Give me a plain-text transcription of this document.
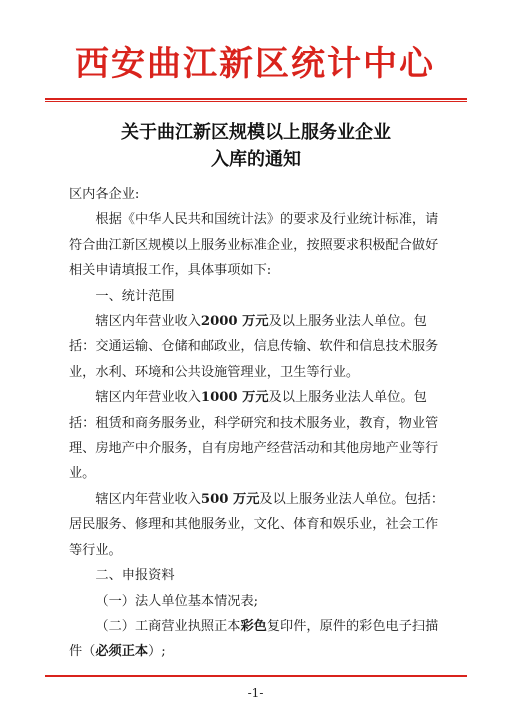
西安曲江新区统计中心
关于曲江新区规模以上服务业企业
入库的通知

区内各企业:

根据《中华人民共和国统计法》的要求及行业统计标准，请符合曲江新区规模以上服务业标准企业，按照要求积极配合做好相关申请填报工作，具体事项如下:

一、统计范围

辖区内年营业收入2000 万元及以上服务业法人单位。包括：交通运输、仓储和邮政业，信息传输、软件和信息技术服务业，水利、环境和公共设施管理业，卫生等行业。

辖区内年营业收入1000 万元及以上服务业法人单位。包括：租赁和商务服务业，科学研究和技术服务业，教育，物业管理、房地产中介服务，自有房地产经营活动和其他房地产业等行业。

辖区内年营业收入500 万元及以上服务业法人单位。包括：居民服务、修理和其他服务业，文化、体育和娱乐业，社会工作等行业。

二、申报资料

（一）法人单位基本情况表;

（二）工商营业执照正本彩色复印件，原件的彩色电子扫描件（必须正本）;

-1-
